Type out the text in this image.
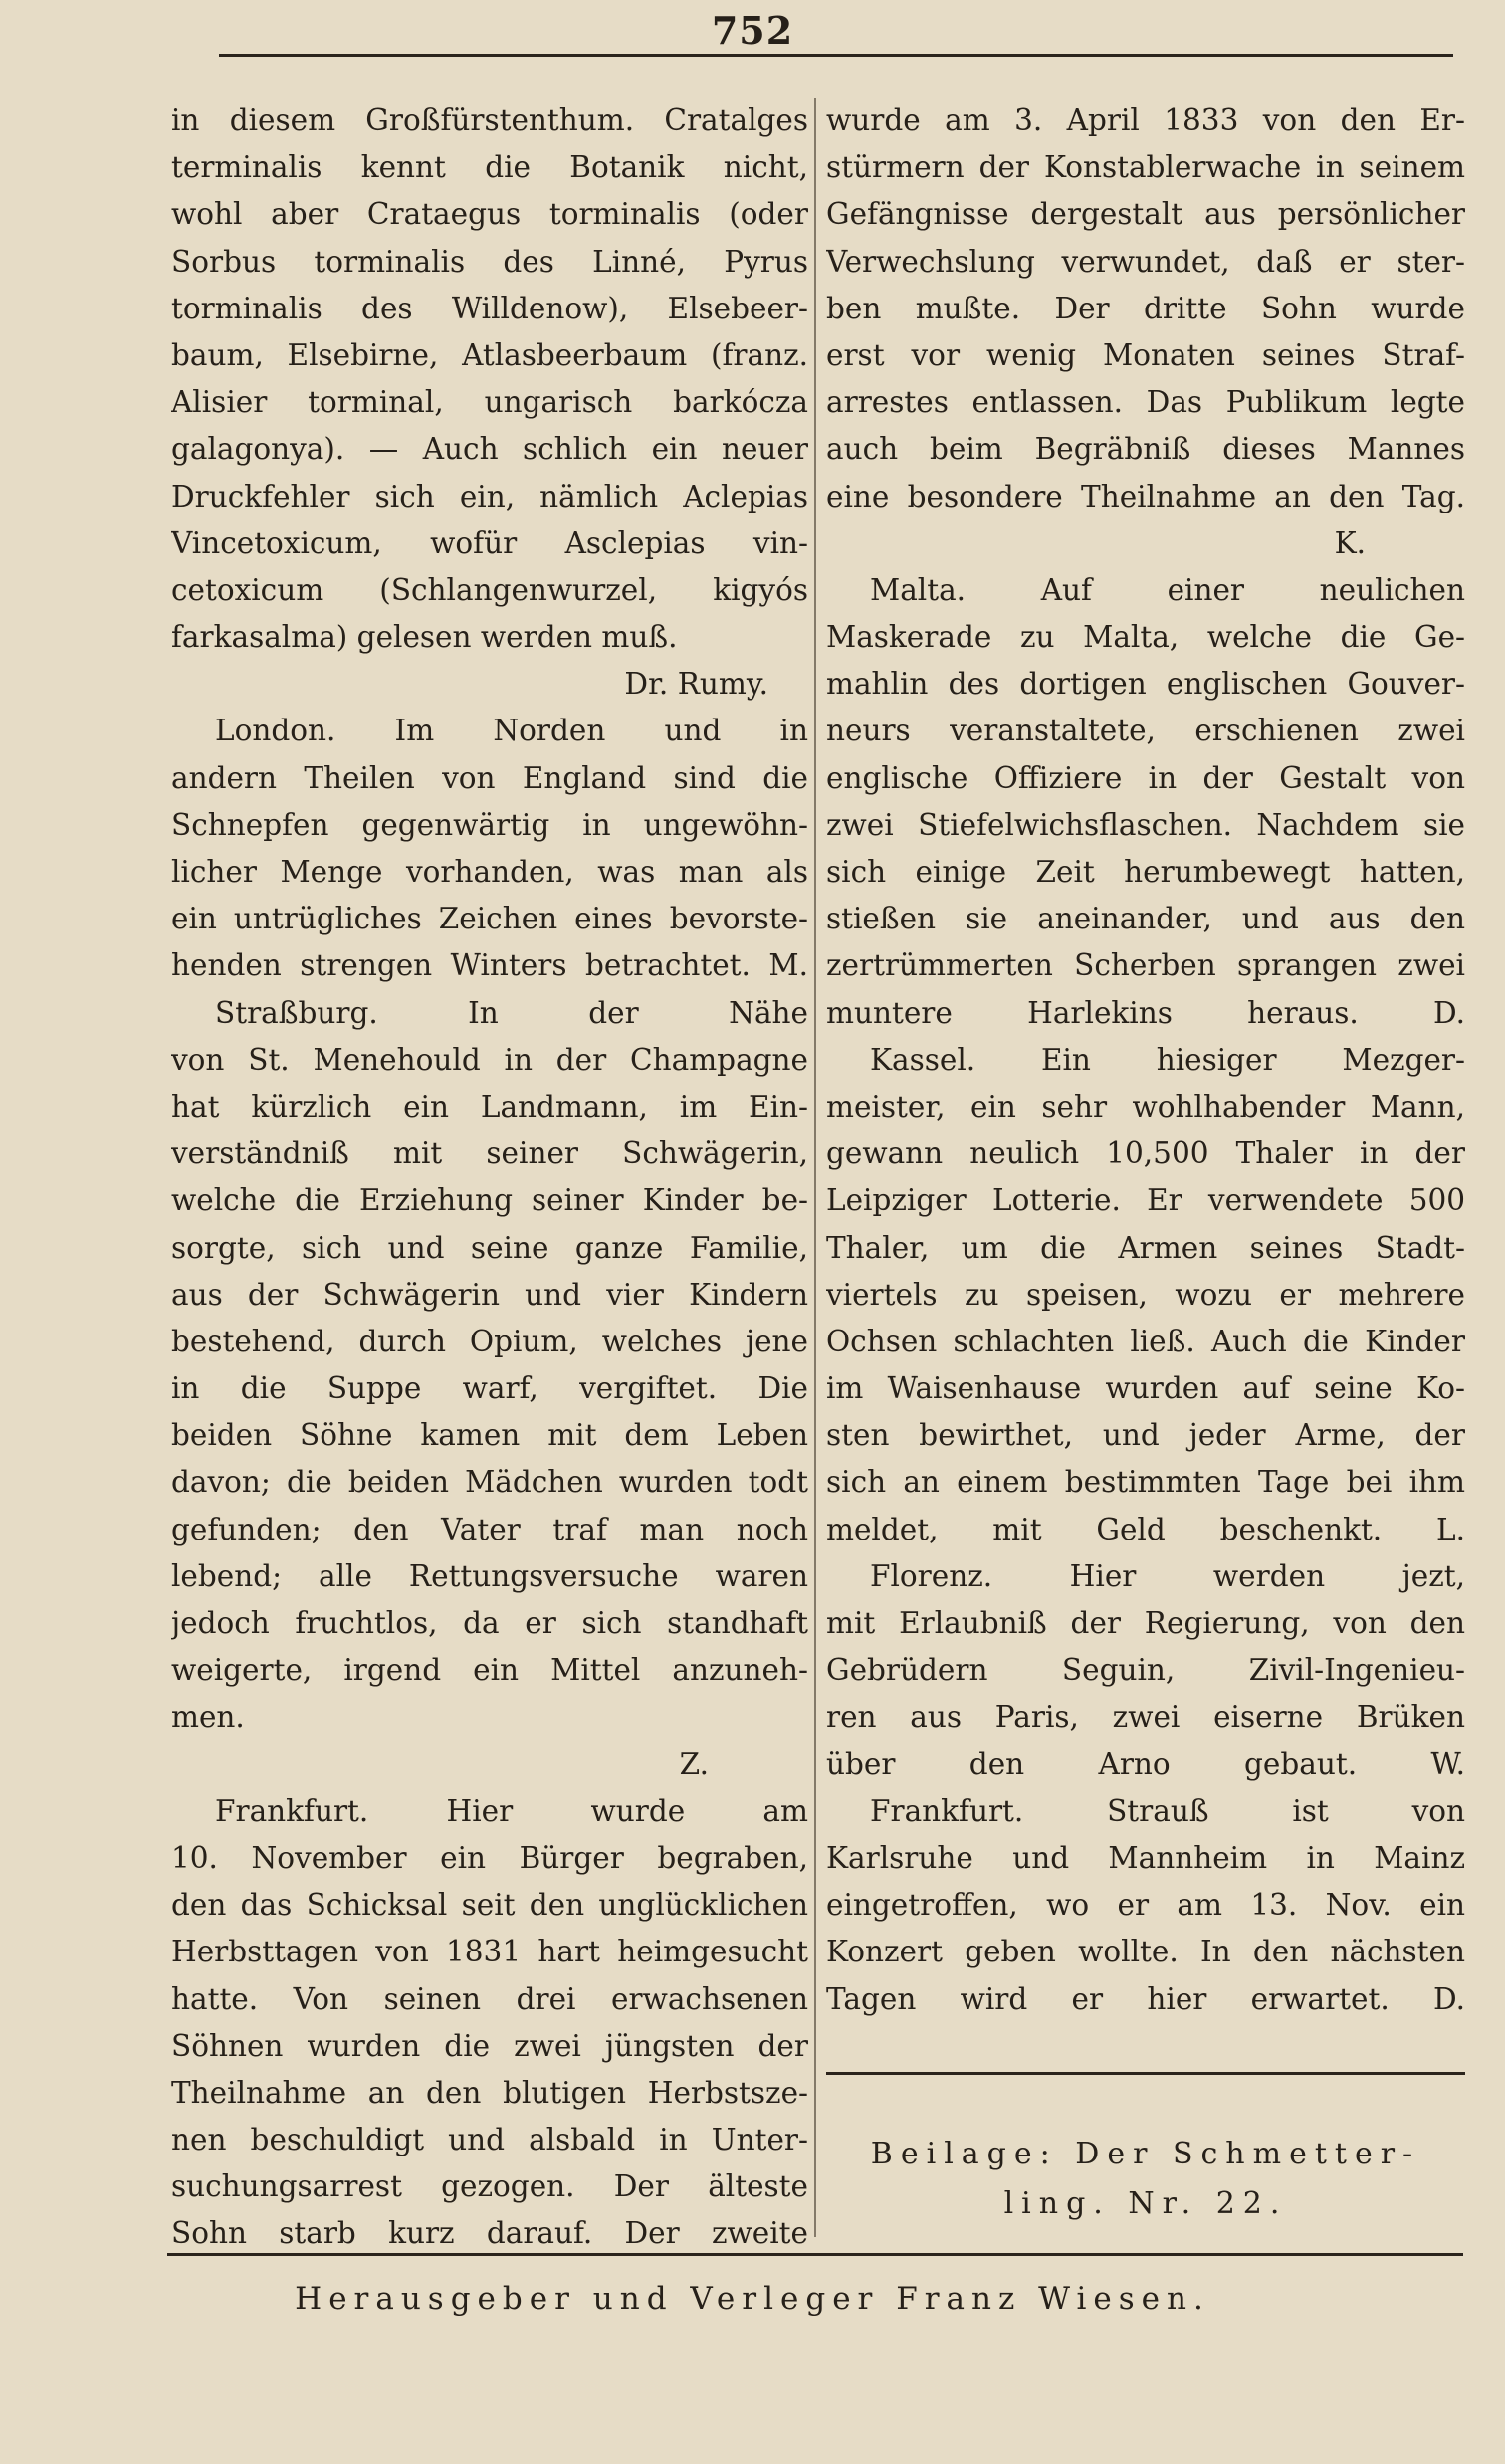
752
in diesem Großfürstenthum. Cratalges
terminalis kennt die Botanik nicht,
wohl aber Crataegus torminalis (oder
Sorbus torminalis des Linné, Pyrus
torminalis des Willdenow), Elsebeer-
baum, Elsebirne, Atlasbeerbaum (franz.
Alisier torminal, ungarisch barkócza
galagonya). — Auch schlich ein neuer
Druckfehler sich ein, nämlich Aclepias
Vincetoxicum, wofür Asclepias vin-
cetoxicum (Schlangenwurzel, kigyós
farkasalma) gelesen werden muß.
Dr. Rumy.
London. Im Norden und in
andern Theilen von England sind die
Schnepfen gegenwärtig in ungewöhn-
licher Menge vorhanden, was man als
ein untrügliches Zeichen eines bevorste-
henden strengen Winters betrachtet. M.
Straßburg. In der Nähe
von St. Menehould in der Champagne
hat kürzlich ein Landmann, im Ein-
verständniß mit seiner Schwägerin,
welche die Erziehung seiner Kinder be-
sorgte, sich und seine ganze Familie,
aus der Schwägerin und vier Kindern
bestehend, durch Opium, welches jene
in die Suppe warf, vergiftet. Die
beiden Söhne kamen mit dem Leben
davon; die beiden Mädchen wurden todt
gefunden; den Vater traf man noch
lebend; alle Rettungsversuche waren
jedoch fruchtlos, da er sich standhaft
weigerte, irgend ein Mittel anzuneh-
men.
Z.
Frankfurt. Hier wurde am
10. November ein Bürger begraben,
den das Schicksal seit den unglücklichen
Herbsttagen von 1831 hart heimgesucht
hatte. Von seinen drei erwachsenen
Söhnen wurden die zwei jüngsten der
Theilnahme an den blutigen Herbstsze-
nen beschuldigt und alsbald in Unter-
suchungsarrest gezogen. Der älteste
Sohn starb kurz darauf. Der zweite
wurde am 3. April 1833 von den Er-
stürmern der Konstablerwache in seinem
Gefängnisse dergestalt aus persönlicher
Verwechslung verwundet, daß er ster-
ben mußte. Der dritte Sohn wurde
erst vor wenig Monaten seines Straf-
arrestes entlassen. Das Publikum legte
auch beim Begräbniß dieses Mannes
eine besondere Theilnahme an den Tag.
K.
Malta. Auf einer neulichen
Maskerade zu Malta, welche die Ge-
mahlin des dortigen englischen Gouver-
neurs veranstaltete, erschienen zwei
englische Offiziere in der Gestalt von
zwei Stiefelwichsflaschen. Nachdem sie
sich einige Zeit herumbewegt hatten,
stießen sie aneinander, und aus den
zertrümmerten Scherben sprangen zwei
muntere Harlekins heraus. D.
Kassel. Ein hiesiger Mezger-
meister, ein sehr wohlhabender Mann,
gewann neulich 10,500 Thaler in der
Leipziger Lotterie. Er verwendete 500
Thaler, um die Armen seines Stadt-
viertels zu speisen, wozu er mehrere
Ochsen schlachten ließ. Auch die Kinder
im Waisenhause wurden auf seine Ko-
sten bewirthet, und jeder Arme, der
sich an einem bestimmten Tage bei ihm
meldet, mit Geld beschenkt. L.
Florenz. Hier werden jezt,
mit Erlaubniß der Regierung, von den
Gebrüdern Seguin, Zivil-Ingenieu-
ren aus Paris, zwei eiserne Brüken
über den Arno gebaut. W.
Frankfurt. Strauß ist von
Karlsruhe und Mannheim in Mainz
eingetroffen, wo er am 13. Nov. ein
Konzert geben wollte. In den nächsten
Tagen wird er hier erwartet. D.
Beilage: Der Schmetter-
ling. Nr. 22.
Herausgeber und Verleger Franz Wiesen.
